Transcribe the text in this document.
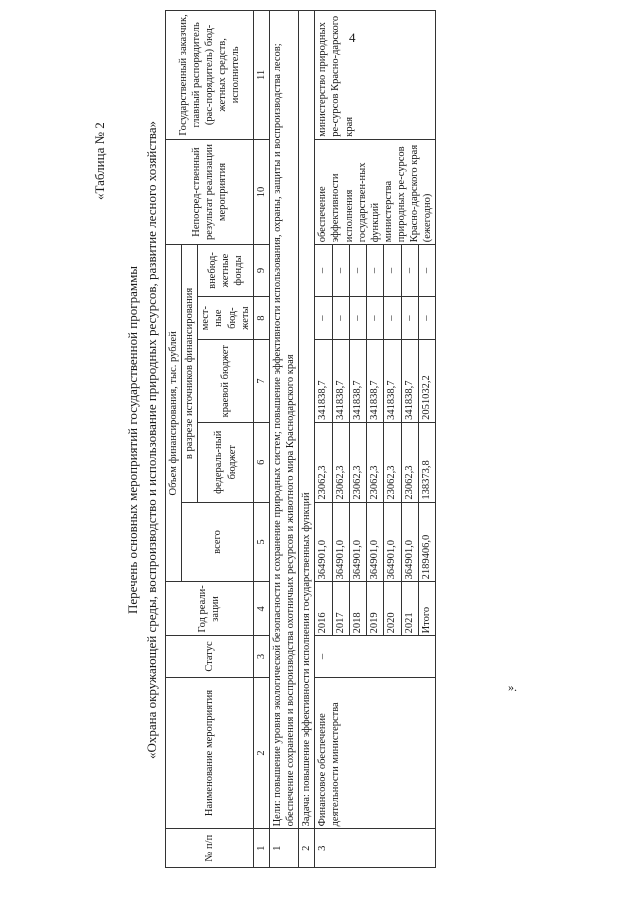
4
«Таблица № 2
Перечень основных мероприятий государственной программы «Охрана окружающей среды, воспроизводство и использование природных ресурсов, развитие лесного хозяйства»
№ п/п	Наименование мероприятия	Статус	Год реали-зации	Объем финансирования, тыс. рублей					Непосред-ственный результат реализации мероприятия	Государственный заказчик, главный распорядитель (рас-порядитель) бюд-жетных средств, исполнитель
				всего	в разрезе источников финансирования					
					федераль-ный бюджет	краевой бюджет	мест-ные бюд-жеты	внебюд-жетные фонды		
1	2	3	4	5	6	7	8	9	10	11
1	Цели: повышение уровня экологической безопасности и сохранение природных систем; повышение эффективности использования, охраны, защиты и воспроизводства лесов; обеспечение сохранения и воспроизводства охотничьих ресурсов и животного мира Краснодарского края									
2	Задача: повышение эффективности исполнения государственных функций									
3	Финансовое обеспечение деятельности министерства	–	2016	364901,0	23062,3	341838,7	–	–	обеспечение эффективности исполнения государствен-ных функций министерства природных ре-сурсов Красно-дарского края (ежегодно)	министерство природных ре-сурсов Красно-дарского края
			2017	364901,0	23062,3	341838,7	–	–		
			2018	364901,0	23062,3	341838,7	–	–		
			2019	364901,0	23062,3	341838,7	–	–		
			2020	364901,0	23062,3	341838,7	–	–		
			2021	364901,0	23062,3	341838,7	–	–		
			Итого	2189406,0	138373,8	2051032,2	–	–		
».
